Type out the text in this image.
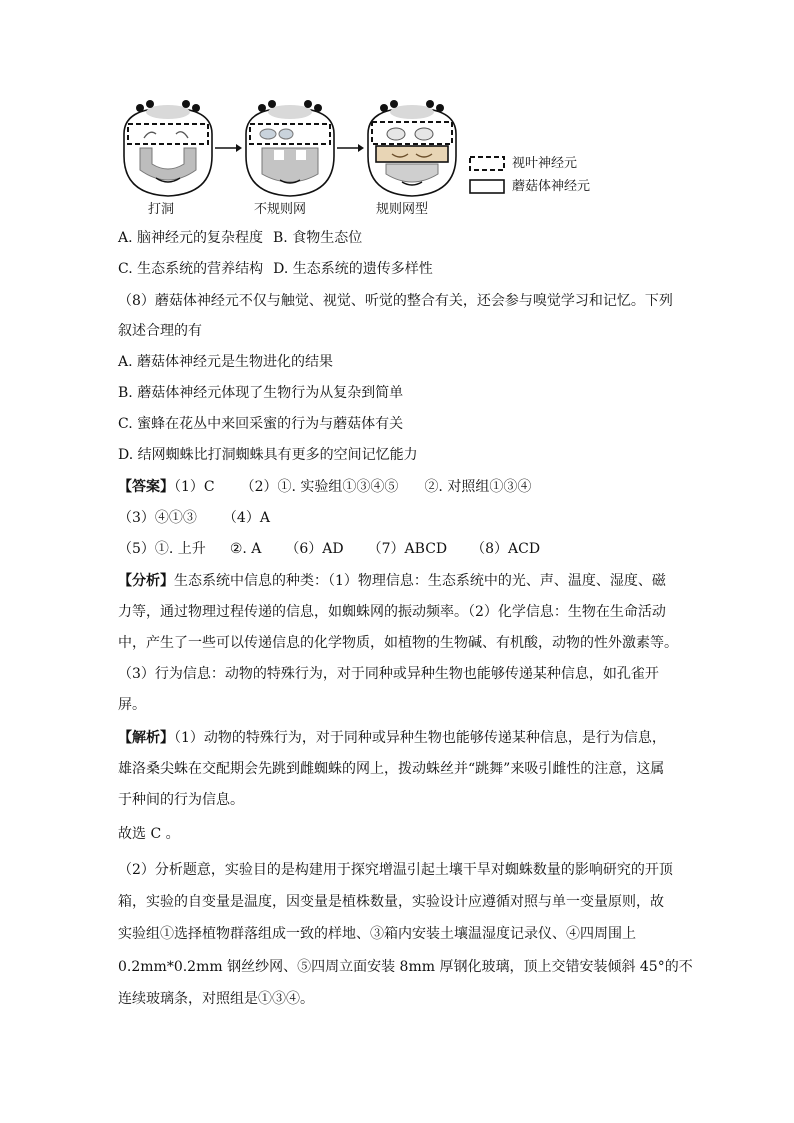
打洞	不规则网	规则网型
视叶神经元
蘑菇体神经元
A. 脑神经元的复杂程度 B. 食物生态位
C. 生态系统的营养结构 D. 生态系统的遗传多样性
（8）蘑菇体神经元不仅与触觉、视觉、听觉的整合有关，还会参与嗅觉学习和记忆。下列
叙述合理的有
A. 蘑菇体神经元是生物进化的结果
B. 蘑菇体神经元体现了生物行为从复杂到简单
C. 蜜蜂在花丛中来回采蜜的行为与蘑菇体有关
D. 结网蜘蛛比打洞蜘蛛具有更多的空间记忆能力
【答案】（1）C （2）①. 实验组①③④⑤ ②. 对照组①③④
（3）④①③ （4）A
（5）①. 上升 ②. A （6）AD （7）ABCD （8）ACD
【分析】生态系统中信息的种类：（1）物理信息：生态系统中的光、声、温度、湿度、磁
力等，通过物理过程传递的信息，如蜘蛛网的振动频率。（2）化学信息：生物在生命活动
中，产生了一些可以传递信息的化学物质，如植物的生物碱、有机酸，动物的性外激素等。
（3）行为信息：动物的特殊行为，对于同种或异种生物也能够传递某种信息，如孔雀开
屏。
【解析】（1）动物的特殊行为，对于同种或异种生物也能够传递某种信息，是行为信息，
雄洛桑尖蛛在交配期会先跳到雌蜘蛛的网上，拨动蛛丝并“跳舞”来吸引雌性的注意，这属
于种间的行为信息。
故选 C 。
（2）分析题意，实验目的是构建用于探究增温引起土壤干旱对蜘蛛数量的影响研究的开顶
箱，实验的自变量是温度，因变量是植株数量，实验设计应遵循对照与单一变量原则，故
实验组①选择植物群落组成一致的样地、③箱内安装土壤温湿度记录仪、④四周围上
0.2mm*0.2mm 钢丝纱网、⑤四周立面安装 8mm 厚钢化玻璃，顶上交错安装倾斜 45°的不
连续玻璃条，对照组是①③④。
